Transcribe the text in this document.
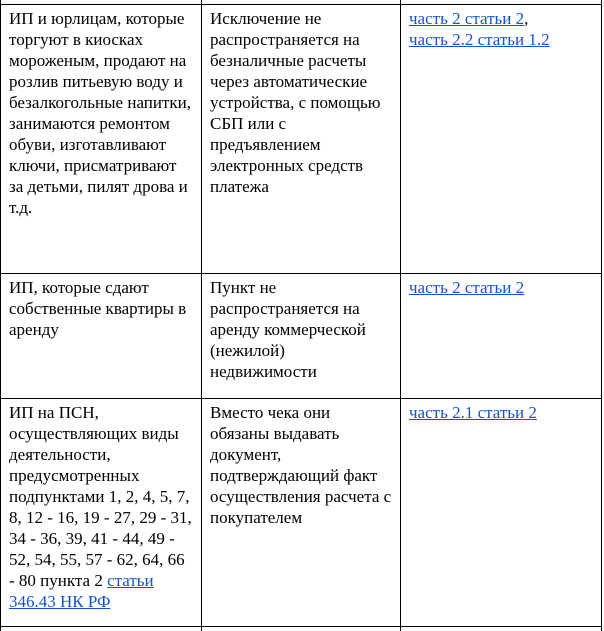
ИП и юрлицам, которые торгуют в киосках мороженым, продают на розлив питьевую воду и безалкогольные напитки, занимаются ремонтом обуви, изготавливают ключи, присматривают за детьми, пилят дрова и т.д.	Исключение не распространяется на безналичные расчеты через автоматические устройства, с помощью СБП или с предъявлением электронных средств платежа	часть 2 статьи 2,
часть 2.2 статьи 1.2
ИП, которые сдают собственные квартиры в аренду	Пункт не распространяется на аренду коммерческой (нежилой) недвижимости	часть 2 статьи 2
ИП на ПСН, осуществляющих виды деятельности, предусмотренных подпунктами 1, 2, 4, 5, 7, 8, 12 - 16, 19 - 27, 29 - 31, 34 - 36, 39, 41 - 44, 49 - 52, 54, 55, 57 - 62, 64, 66 - 80 пункта 2 статьи 346.43 НК РФ	Вместо чека они обязаны выдавать документ, подтверждающий факт осуществления расчета с покупателем	часть 2.1 статьи 2
